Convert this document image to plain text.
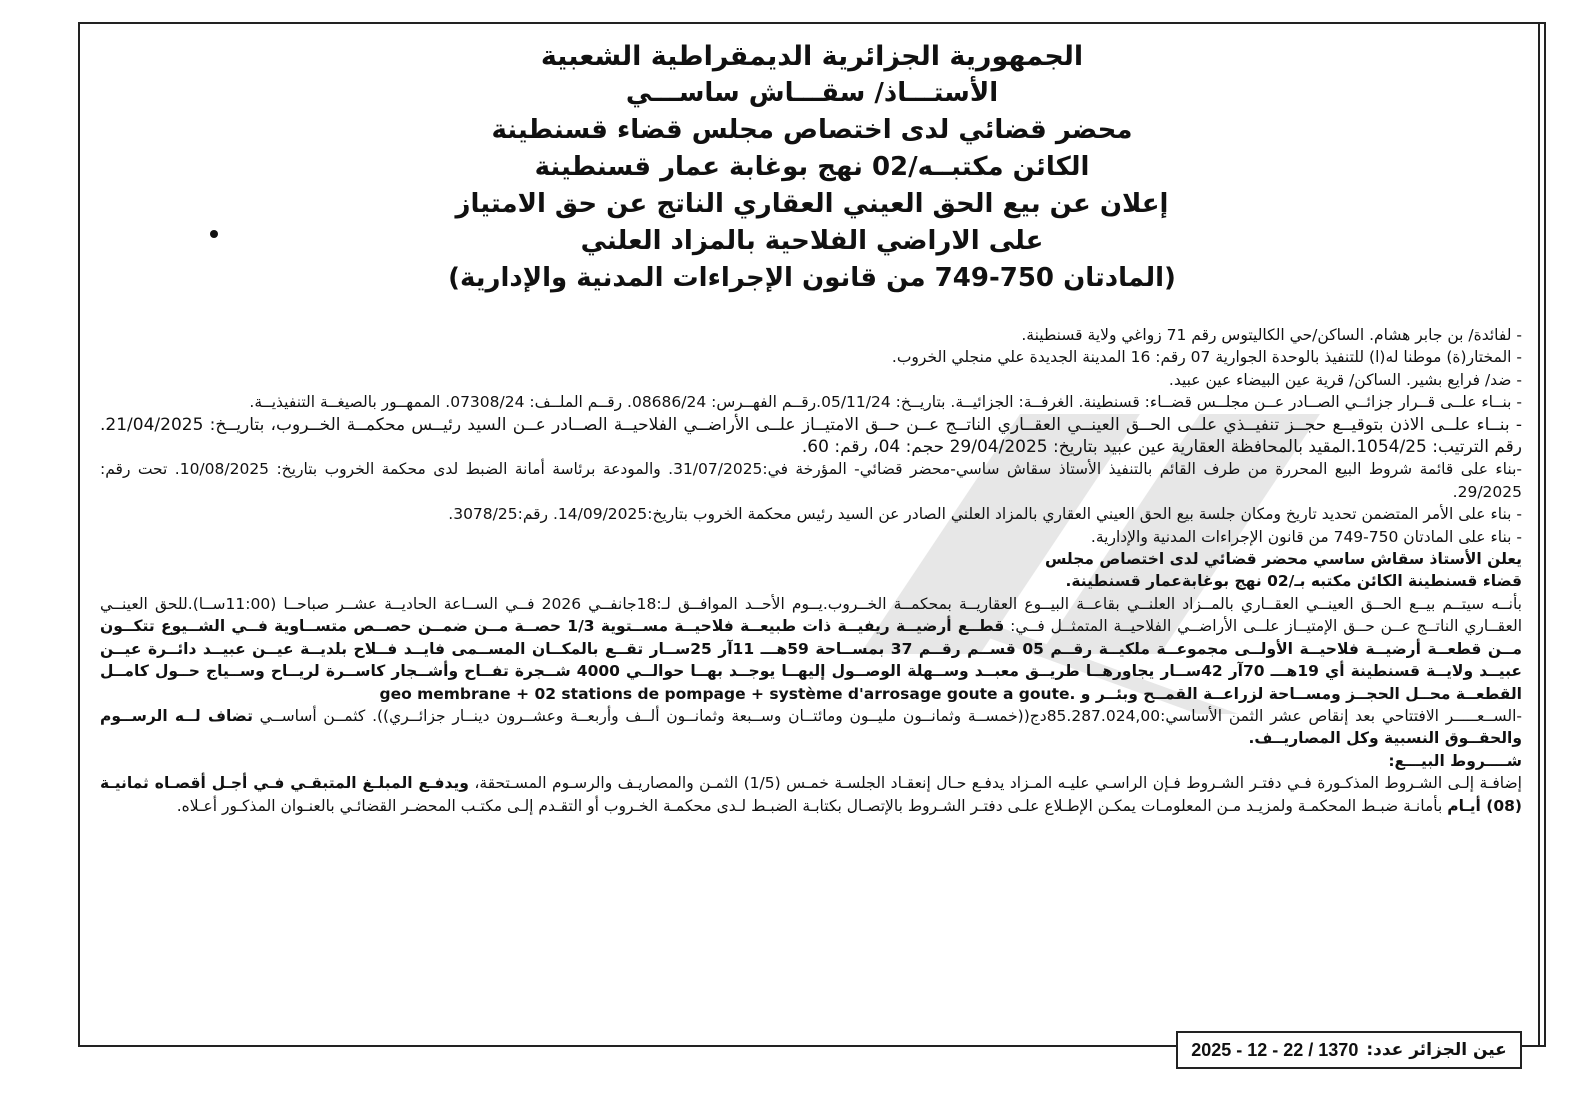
الجمهورية الجزائرية الديمقراطية الشعبية
الأستـــاذ/ سقـــاش ساســـي
محضر قضائي لدى اختصاص مجلس قضاء قسنطينة
الكائن مكتبــه/02 نهج بوغابة عمار قسنطينة
إعلان عن بيع الحق العيني العقاري الناتج عن حق الامتياز
على الاراضي الفلاحية بالمزاد العلني
(المادتان 750-749 من قانون الإجراءات المدنية والإدارية)

- لفائدة/ بن جابر هشام. الساكن/حي الكاليتوس رقم 71 زواغي ولاية قسنطينة.

- المختار(ة) موطنا له(ا) للتنفيذ بالوحدة الجوارية 07 رقم: 16 المدينة الجديدة علي منجلي الخروب.

- ضد/ فرايع بشير. الساكن/ قرية عين البيضاء عين عبيد.

- بنــاء علــى قــرار جزائــي الصــادر عــن مجلــس قضــاء: قسنطينة. الغرفــة: الجزائيــة. بتاريــخ: 05/11/24.رقــم الفهــرس: 08686/24. رقــم الملــف: 07308/24. الممهــور بالصيغــة التنفيذيــة.

- بنــاء علــى الاذن بتوقيــع حجــز تنفيــذي علــى الحــق العينــي العقــاري الناتــج عــن حــق الامتيــاز علــى الأراضــي الفلاحيــة الصــادر عــن السيد رئيــس محكمــة الخــروب، بتاريــخ: 21/04/2025. رقم الترتيب: 1054/25.المقيد بالمحافظة العقارية عين عبيد بتاريخ: 29/04/2025 حجم: 04، رقم: 60.

-بناء على قائمة شروط البيع المحررة من طرف القائم بالتنفيذ الأستاذ سقاش ساسي-محضر قضائي- المؤرخة في:31/07/2025. والمودعة برئاسة أمانة الضبط لدى محكمة الخروب بتاريخ: 10/08/2025. تحت رقم: 29/2025.

- بناء على الأمر المتضمن تحديد تاريخ ومكان جلسة بيع الحق العيني العقاري بالمزاد العلني الصادر عن السيد رئيس محكمة الخروب بتاريخ:14/09/2025. رقم:3078/25.

- بناء على المادتان 750-749 من قانون الإجراءات المدنية والإدارية.

يعلن الأستاذ سقاش ساسي محضر قضائي لدى اختصاص مجلس

قضاء قسنطينة الكائن مكتبه بـ/02 نهج بوغابةعمار قسنطينة.

بأنــه سيتــم بيــع الحــق العينــي العقــاري بالمــزاد العلنــي بقاعــة البيــوع العقاريــة بمحكمــة الخــروب.يــوم الأحــد الموافــق لـ:18جانفــي 2026 فــي الســاعة الحاديــة عشــر صباحــا (11:00ســا).للحق العينــي العقــاري الناتــج عــن حــق الإمتيــاز علــى الأراضــي الفلاحيــة المتمثــل فــي: قطــع أرضيــة ريفيــة ذات طبيعــة فلاحيــة مســتوية 1/3 حصــة مــن ضمــن حصــص متســاوية فــي الشــيوع تتكــون مــن قطعــة أرضيــة فلاحيــة الأولــى مجموعــة ملكيــة رقــم 05 قســم رقــم 37 بمســاحة 59هـــ 11آر 25ســار تقــع بالمكــان المســمى فايــد فــلاح بلديــة عيــن عبيــد دائــرة عيــن عبيــد ولايــة قسنطينة أي 19هـــ 70آر 42ســار يجاورهــا طريــق معبــد وســهلة الوصــول إليهــا يوجــد بهــا حوالــي 4000 شــجرة تفــاح وأشــجار كاســرة لريــاح وســياج حــول كامــل القطعــة محــل الحجــز ومســاحة لزراعــة القمــح وبئــر و geo membrane + 02 stations de pompage + système d'arrosage goute a goute.

-الســعـــــر الافتتاحي بعد إنقاص عشر الثمن الأساسي:85.287.024,00دج((خمســة وثمانــون مليــون ومائتــان وســبعة وثمانــون ألــف وأربعــة وعشــرون دينــار جزائــري)). كثمــن أساســي تضاف لــه الرســوم والحقــوق النسبية وكل المصاريــف.

شــــروط البيـــع:

إضافـة إلـى الشـروط المذكـورة فـي دفتـر الشـروط فـإن الراسـي عليـه المـزاد يدفـع حـال إنعقـاد الجلسـة خمـس (1/5) الثمـن والمصاريـف والرسـوم المسـتحقة، ويدفـع المبلـغ المتبقـي فـي أجـل أقصـاه ثمانيـة (08) أيـام بأمانـة ضبـط المحكمـة ولمزيـد مـن المعلومـات يمكـن الإطـلاع علـى دفتـر الشـروط بالإتصـال بكتابـة الضبـط لـدى محكمـة الخـروب أو التقـدم إلـى مكتـب المحضـر القضائـي بالعنـوان المذكـور أعـلاه.

عين الجزائر عدد:
2025 - 12 - 22 / 1370
